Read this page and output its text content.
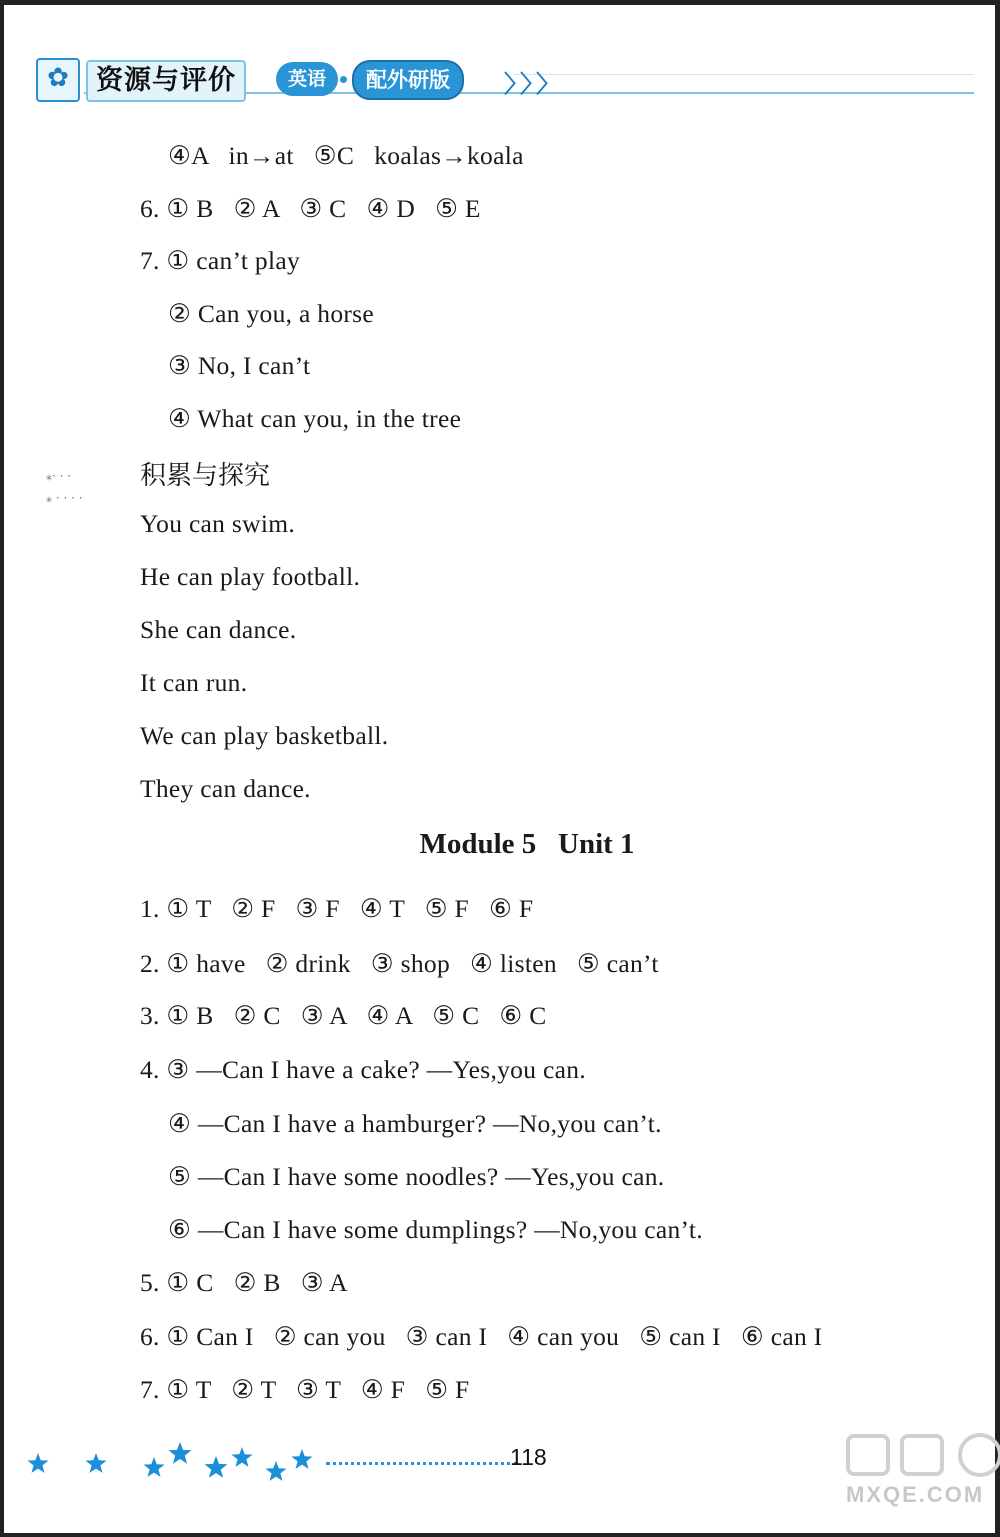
✿	资源与评价	英语	配外研版	〉〉〉
④A   in→at   ⑤C   koalas→koala
6. ① B   ② A   ③ C   ④ D   ⑤ E
7. ① can’t play
② Can you, a horse
③ No, I can’t
④ What can you, in the tree
⁎· · ·
⁎ · · · ·
积累与探究
You can swim.
He can play football.
She can dance.
It can run.
We can play basketball.
They can dance.
Module 5   Unit 1
1. ① T   ② F   ③ F   ④ T   ⑤ F   ⑥ F
2. ① have   ② drink   ③ shop   ④ listen   ⑤ can’t
3. ① B   ② C   ③ A   ④ A   ⑤ C   ⑥ C
4. ③ —Can I have a cake? —Yes,you can.
④ —Can I have a hamburger? —No,you can’t.
⑤ —Can I have some noodles? —Yes,you can.
⑥ —Can I have some dumplings? —No,you can’t.
5. ① C   ② B   ③ A
6. ① Can I   ② can you   ③ can I   ④ can you   ⑤ can I   ⑥ can I
7. ① T   ② T   ③ T   ④ F   ⑤ F
118
MXQE.COM
